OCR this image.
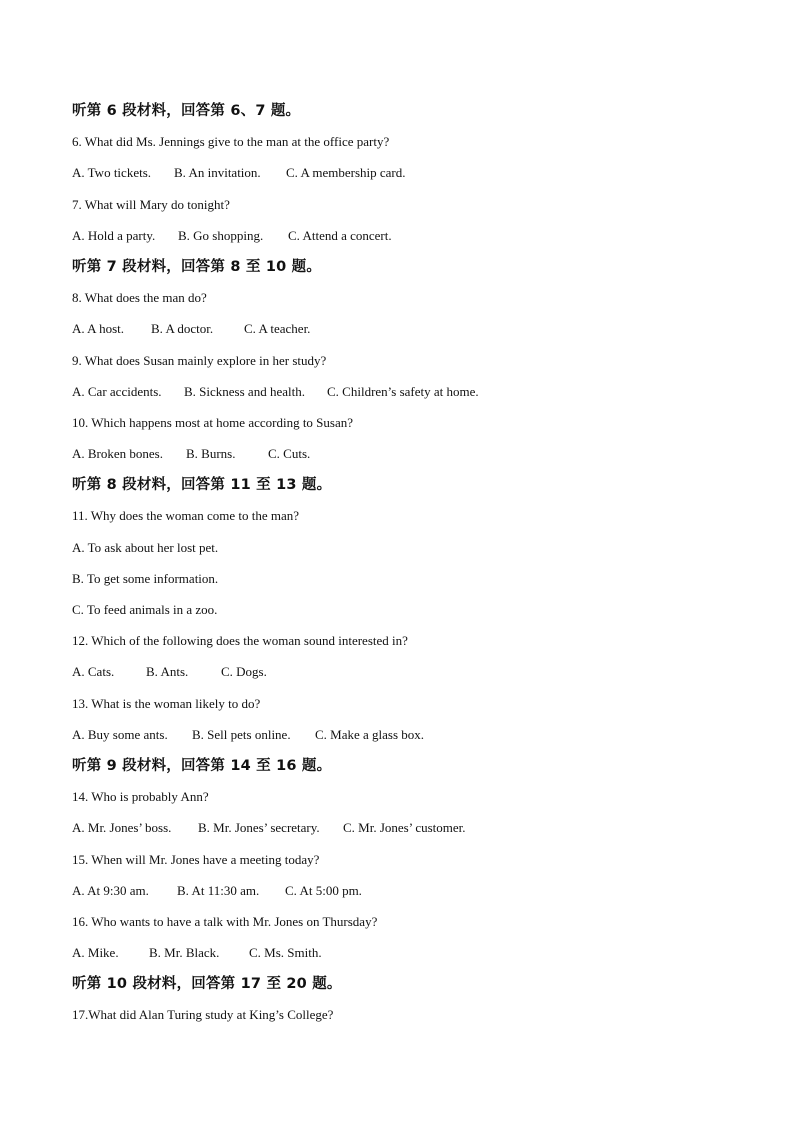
听第 6 段材料，回答第 6、7 题。
6. What did Ms. Jennings give to the man at the office party?
A. Two tickets. B. An invitation. C. A membership card.
7. What will Mary do tonight?
A. Hold a party. B. Go shopping. C. Attend a concert.
听第 7 段材料，回答第 8 至 10 题。
8. What does the man do?
A. A host. B. A doctor. C. A teacher.
9. What does Susan mainly explore in her study?
A. Car accidents. B. Sickness and health. C. Children’s safety at home.
10. Which happens most at home according to Susan?
A. Broken bones. B. Burns.	C. Cuts.
听第 8 段材料，回答第 11 至 13 题。
11. Why does the woman come to the man?
A. To ask about her lost pet.
B. To get some information.
C. To feed animals in a zoo.
12. Which of the following does the woman sound interested in?
A. Cats. B. Ants.	C. Dogs.
13. What is the woman likely to do?
A. Buy some ants. B. Sell pets online. C. Make a glass box.
听第 9 段材料，回答第 14 至 16 题。
14. Who is probably Ann?
A. Mr. Jones’ boss. B. Mr. Jones’ secretary. C. Mr. Jones’ customer.
15. When will Mr. Jones have a meeting today?
A. At 9:30 am. B. At 11:30 am. C. At 5:00 pm.
16. Who wants to have a talk with Mr. Jones on Thursday?
A. Mike. B. Mr. Black. C. Ms. Smith.
听第 10 段材料，回答第 17 至 20 题。
17.What did Alan Turing study at King’s College?
